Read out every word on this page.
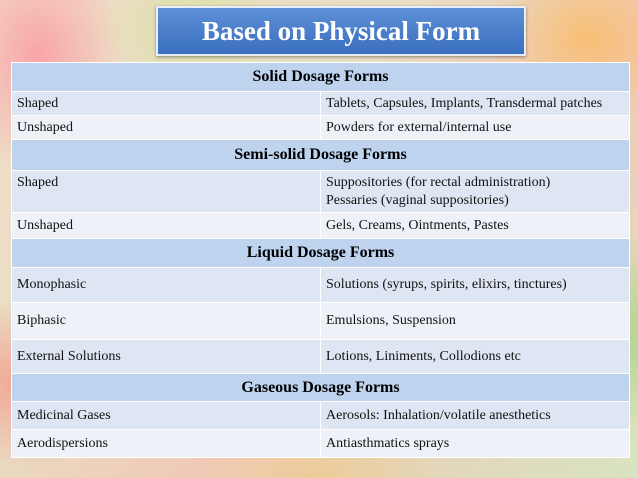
Based on Physical Form
Solid Dosage Forms	
Shaped	Tablets, Capsules, Implants, Transdermal patches
Unshaped	Powders for external/internal use
Semi-solid Dosage Forms	
Shaped	Suppositories (for rectal administration)
Pessaries (vaginal suppositories)

Unshaped	Gels, Creams, Ointments, Pastes
Liquid Dosage Forms	
Monophasic	Solutions (syrups, spirits, elixirs, tinctures)
Biphasic	Emulsions, Suspension
External Solutions	Lotions, Liniments, Collodions etc
Gaseous Dosage Forms	
Medicinal Gases	Aerosols: Inhalation/volatile anesthetics
Aerodispersions	Antiasthmatics sprays
